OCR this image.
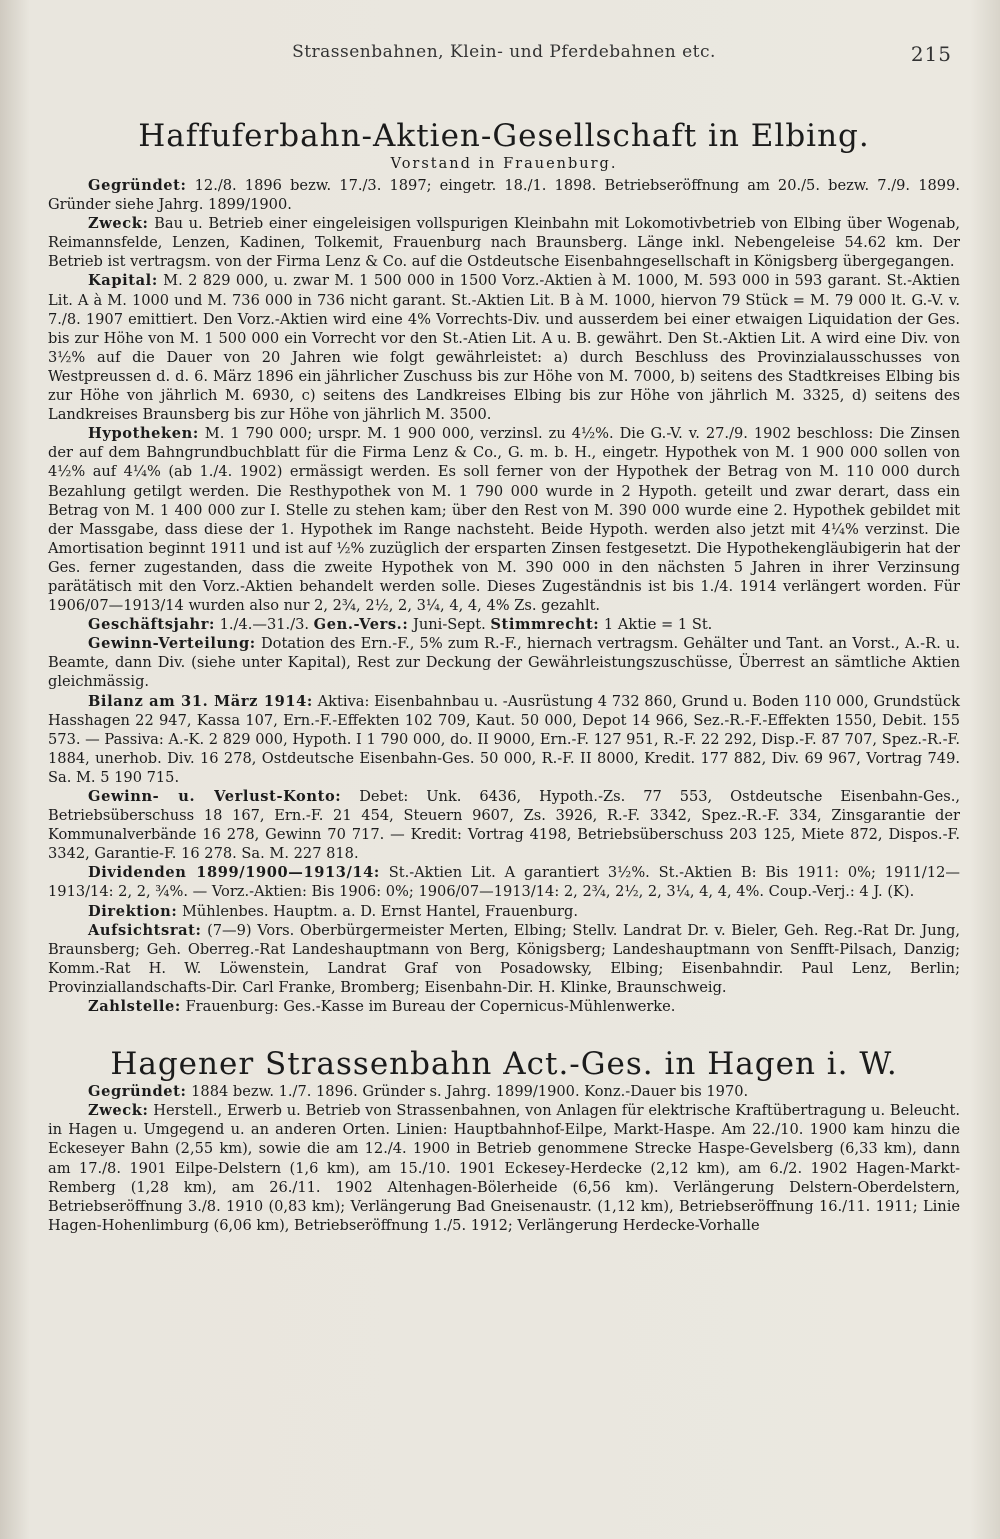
Strassenbahnen, Klein- und Pferdebahnen etc.	215
Haffuferbahn-Aktien-Gesellschaft in Elbing.
Vorstand in Frauenburg.

Gegründet: 12./8. 1896 bezw. 17./3. 1897; eingetr. 18./1. 1898. Betriebseröffnung am 20./5. bezw. 7./9. 1899. Gründer siehe Jahrg. 1899/1900.

Zweck: Bau u. Betrieb einer eingeleisigen vollspurigen Kleinbahn mit Lokomotivbetrieb von Elbing über Wogenab, Reimannsfelde, Lenzen, Kadinen, Tolkemit, Frauenburg nach Braunsberg. Länge inkl. Nebengeleise 54.62 km. Der Betrieb ist vertragsm. von der Firma Lenz & Co. auf die Ostdeutsche Eisenbahngesellschaft in Königsberg übergegangen.

Kapital: M. 2 829 000, u. zwar M. 1 500 000 in 1500 Vorz.-Aktien à M. 1000, M. 593 000 in 593 garant. St.-Aktien Lit. A à M. 1000 und M. 736 000 in 736 nicht garant. St.-Aktien Lit. B à M. 1000, hiervon 79 Stück = M. 79 000 lt. G.-V. v. 7./8. 1907 emittiert. Den Vorz.-Aktien wird eine 4% Vorrechts-Div. und ausserdem bei einer etwaigen Liquidation der Ges. bis zur Höhe von M. 1 500 000 ein Vorrecht vor den St.-Atien Lit. A u. B. gewährt. Den St.-Aktien Lit. A wird eine Div. von 3½% auf die Dauer von 20 Jahren wie folgt gewährleistet: a) durch Beschluss des Provinzialausschusses von Westpreussen d. d. 6. März 1896 ein jährlicher Zuschuss bis zur Höhe von M. 7000, b) seitens des Stadtkreises Elbing bis zur Höhe von jährlich M. 6930, c) seitens des Landkreises Elbing bis zur Höhe von jährlich M. 3325, d) seitens des Landkreises Braunsberg bis zur Höhe von jährlich M. 3500.

Hypotheken: M. 1 790 000; urspr. M. 1 900 000, verzinsl. zu 4½%. Die G.-V. v. 27./9. 1902 beschloss: Die Zinsen der auf dem Bahngrundbuchblatt für die Firma Lenz & Co., G. m. b. H., eingetr. Hypothek von M. 1 900 000 sollen von 4½% auf 4¼% (ab 1./4. 1902) ermässigt werden. Es soll ferner von der Hypothek der Betrag von M. 110 000 durch Bezahlung getilgt werden. Die Resthypothek von M. 1 790 000 wurde in 2 Hypoth. geteilt und zwar derart, dass ein Betrag von M. 1 400 000 zur I. Stelle zu stehen kam; über den Rest von M. 390 000 wurde eine 2. Hypothek gebildet mit der Massgabe, dass diese der 1. Hypothek im Range nachsteht. Beide Hypoth. werden also jetzt mit 4¼% verzinst. Die Amortisation beginnt 1911 und ist auf ½% zuzüglich der ersparten Zinsen festgesetzt. Die Hypothekengläubigerin hat der Ges. ferner zugestanden, dass die zweite Hypothek von M. 390 000 in den nächsten 5 Jahren in ihrer Verzinsung parätätisch mit den Vorz.-Aktien behandelt werden solle. Dieses Zugeständnis ist bis 1./4. 1914 verlängert worden. Für 1906/07—1913/14 wurden also nur 2, 2¾, 2½, 2, 3¼, 4, 4, 4% Zs. gezahlt.

Geschäftsjahr: 1./4.—31./3. Gen.-Vers.: Juni-Sept. Stimmrecht: 1 Aktie = 1 St.

Gewinn-Verteilung: Dotation des Ern.-F., 5% zum R.-F., hiernach vertragsm. Gehälter und Tant. an Vorst., A.-R. u. Beamte, dann Div. (siehe unter Kapital), Rest zur Deckung der Gewährleistungszuschüsse, Überrest an sämtliche Aktien gleichmässig.

Bilanz am 31. März 1914: Aktiva: Eisenbahnbau u. -Ausrüstung 4 732 860, Grund u. Boden 110 000, Grundstück Hasshagen 22 947, Kassa 107, Ern.-F.-Effekten 102 709, Kaut. 50 000, Depot 14 966, Sez.-R.-F.-Effekten 1550, Debit. 155 573. — Passiva: A.-K. 2 829 000, Hypoth. I 1 790 000, do. II 9000, Ern.-F. 127 951, R.-F. 22 292, Disp.-F. 87 707, Spez.-R.-F. 1884, unerhob. Div. 16 278, Ostdeutsche Eisenbahn-Ges. 50 000, R.-F. II 8000, Kredit. 177 882, Div. 69 967, Vortrag 749. Sa. M. 5 190 715.

Gewinn- u. Verlust-Konto: Debet: Unk. 6436, Hypoth.-Zs. 77 553, Ostdeutsche Eisenbahn-Ges., Betriebsüberschuss 18 167, Ern.-F. 21 454, Steuern 9607, Zs. 3926, R.-F. 3342, Spez.-R.-F. 334, Zinsgarantie der Kommunalverbände 16 278, Gewinn 70 717. — Kredit: Vortrag 4198, Betriebsüberschuss 203 125, Miete 872, Dispos.-F. 3342, Garantie-F. 16 278. Sa. M. 227 818.

Dividenden 1899/1900—1913/14: St.-Aktien Lit. A garantiert 3½%. St.-Aktien B: Bis 1911: 0%; 1911/12—1913/14: 2, 2, ¾%. — Vorz.-Aktien: Bis 1906: 0%; 1906/07—1913/14: 2, 2¾, 2½, 2, 3¼, 4, 4, 4%. Coup.-Verj.: 4 J. (K).

Direktion: Mühlenbes. Hauptm. a. D. Ernst Hantel, Frauenburg.

Aufsichtsrat: (7—9) Vors. Oberbürgermeister Merten, Elbing; Stellv. Landrat Dr. v. Bieler, Geh. Reg.-Rat Dr. Jung, Braunsberg; Geh. Oberreg.-Rat Landeshauptmann von Berg, Königsberg; Landeshauptmann von Senfft-Pilsach, Danzig; Komm.-Rat H. W. Löwenstein, Landrat Graf von Posadowsky, Elbing; Eisenbahndir. Paul Lenz, Berlin; Provinziallandschafts-Dir. Carl Franke, Bromberg; Eisenbahn-Dir. H. Klinke, Braunschweig.

Zahlstelle: Frauenburg: Ges.-Kasse im Bureau der Copernicus-Mühlenwerke.

Hagener Strassenbahn Act.-Ges. in Hagen i. W.

Gegründet: 1884 bezw. 1./7. 1896. Gründer s. Jahrg. 1899/1900. Konz.-Dauer bis 1970.

Zweck: Herstell., Erwerb u. Betrieb von Strassenbahnen, von Anlagen für elektrische Kraftübertragung u. Beleucht. in Hagen u. Umgegend u. an anderen Orten. Linien: Hauptbahnhof-Eilpe, Markt-Haspe. Am 22./10. 1900 kam hinzu die Eckeseyer Bahn (2,55 km), sowie die am 12./4. 1900 in Betrieb genommene Strecke Haspe-Gevelsberg (6,33 km), dann am 17./8. 1901 Eilpe-Delstern (1,6 km), am 15./10. 1901 Eckesey-Herdecke (2,12 km), am 6./2. 1902 Hagen-Markt-Remberg (1,28 km), am 26./11. 1902 Altenhagen-Bölerheide (6,56 km). Verlängerung Delstern-Oberdelstern, Betriebseröffnung 3./8. 1910 (0,83 km); Verlängerung Bad Gneisenaustr. (1,12 km), Betriebseröffnung 16./11. 1911; Linie Hagen-Hohenlimburg (6,06 km), Betriebseröffnung 1./5. 1912; Verlängerung Herdecke-Vorhalle
